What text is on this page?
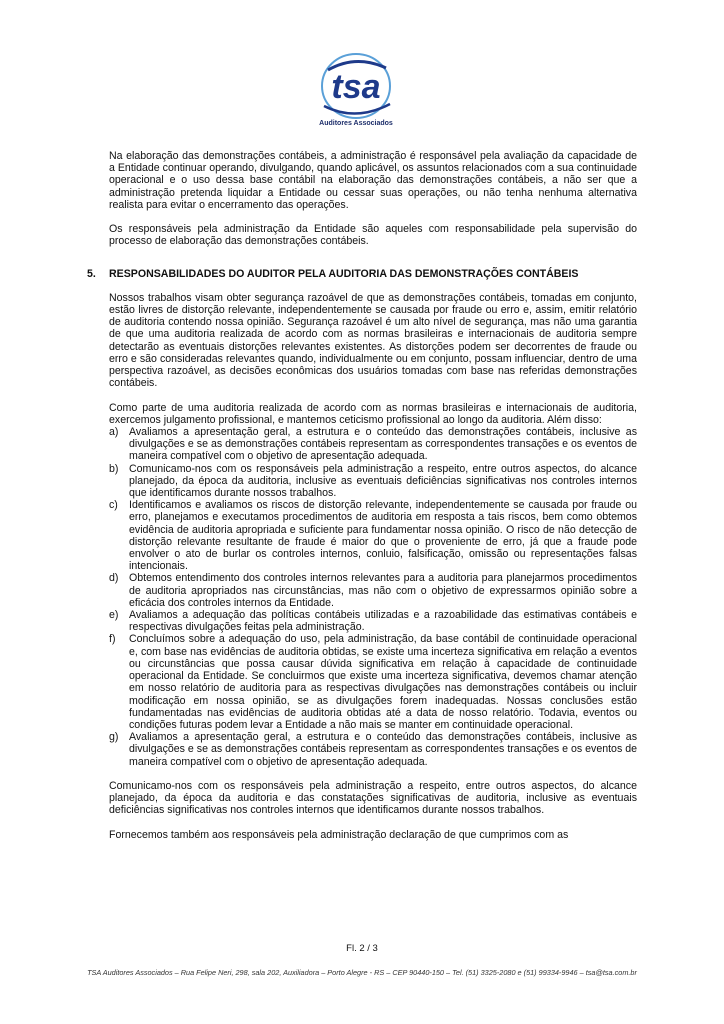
tsa
Auditores Associados

Na elaboração das demonstrações contábeis, a administração é responsável pela avaliação da capacidade de a Entidade continuar operando, divulgando, quando aplicável, os assuntos relacionados com a sua continuidade operacional e o uso dessa base contábil na elaboração das demonstrações contábeis, a não ser que a administração pretenda liquidar a Entidade ou cessar suas operações, ou não tenha nenhuma alternativa realista para evitar o encerramento das operações.

Os responsáveis pela administração da Entidade são aqueles com responsabilidade pela supervisão do processo de elaboração das demonstrações contábeis.

5.	RESPONSABILIDADES DO AUDITOR PELA AUDITORIA DAS DEMONSTRAÇÕES CONTÁBEIS

Nossos trabalhos visam obter segurança razoável de que as demonstrações contábeis, tomadas em conjunto, estão livres de distorção relevante, independentemente se causada por fraude ou erro e, assim, emitir relatório de auditoria contendo nossa opinião. Segurança razoável é um alto nível de segurança, mas não uma garantia de que uma auditoria realizada de acordo com as normas brasileiras e internacionais de auditoria sempre detectarão as eventuais distorções relevantes existentes. As distorções podem ser decorrentes de fraude ou erro e são consideradas relevantes quando, individualmente ou em conjunto, possam influenciar, dentro de uma perspectiva razoável, as decisões econômicas dos usuários tomadas com base nas referidas demonstrações contábeis.

Como parte de uma auditoria realizada de acordo com as normas brasileiras e internacionais de auditoria, exercemos julgamento profissional, e mantemos ceticismo profissional ao longo da auditoria. Além disso:

a) Avaliamos a apresentação geral, a estrutura e o conteúdo das demonstrações contábeis, inclusive as divulgações e se as demonstrações contábeis representam as correspondentes transações e os eventos de maneira compatível com o objetivo de apresentação adequada.
b) Comunicamo-nos com os responsáveis pela administração a respeito, entre outros aspectos, do alcance planejado, da época da auditoria, inclusive as eventuais deficiências significativas nos controles internos que identificamos durante nossos trabalhos.
c)	Identificamos e avaliamos os riscos de distorção relevante, independentemente se causada por fraude ou erro, planejamos e executamos procedimentos de auditoria em resposta a tais riscos, bem como obtemos evidência de auditoria apropriada e suficiente para fundamentar nossa opinião. O risco de não detecção de distorção relevante resultante de fraude é maior do que o proveniente de erro, já que a fraude pode envolver o ato de burlar os controles internos, conluio, falsificação, omissão ou representações falsas intencionais.
d) Obtemos entendimento dos controles internos relevantes para a auditoria para planejarmos procedimentos de auditoria apropriados nas circunstâncias, mas não com o objetivo de expressarmos opinião sobre a eficácia dos controles internos da Entidade.
e) Avaliamos a adequação das políticas contábeis utilizadas e a razoabilidade das estimativas contábeis e respectivas divulgações feitas pela administração.
f)	Concluímos sobre a adequação do uso, pela administração, da base contábil de continuidade operacional e, com base nas evidências de auditoria obtidas, se existe uma incerteza significativa em relação a eventos ou circunstâncias que possa causar dúvida significativa em relação à capacidade de continuidade operacional da Entidade. Se concluirmos que existe uma incerteza significativa, devemos chamar atenção em nosso relatório de auditoria para as respectivas divulgações nas demonstrações contábeis ou incluir modificação em nossa opinião, se as divulgações forem inadequadas. Nossas conclusões estão fundamentadas nas evidências de auditoria obtidas até a data de nosso relatório. Todavia, eventos ou condições futuras podem levar a Entidade a não mais se manter em continuidade operacional.
g) Avaliamos a apresentação geral, a estrutura e o conteúdo das demonstrações contábeis, inclusive as divulgações e se as demonstrações contábeis representam as correspondentes transações e os eventos de maneira compatível com o objetivo de apresentação adequada.

Comunicamo-nos com os responsáveis pela administração a respeito, entre outros aspectos, do alcance planejado, da época da auditoria e das constatações significativas de auditoria, inclusive as eventuais deficiências significativas nos controles internos que identificamos durante nossos trabalhos.

Fornecemos também aos responsáveis pela administração declaração de que cumprimos com as

Fl. 2 / 3
TSA Auditores Associados – Rua Felipe Neri, 298, sala 202, Auxiliadora – Porto Alegre - RS – CEP 90440-150 – Tel. (51) 3325-2080 e (51) 99334-9946 – tsa@tsa.com.br
